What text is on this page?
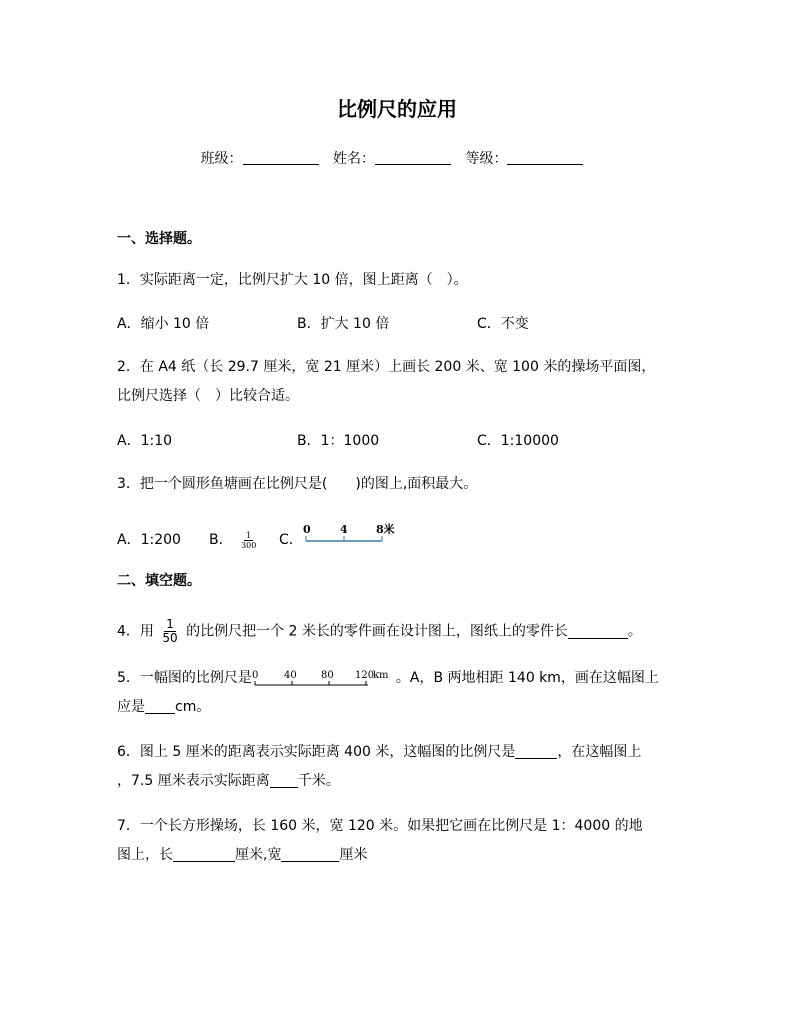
比例尺的应用
班级：	姓名：	等级：
一、选择题。
1．实际距离一定，比例尺扩大 10 倍，图上距离（　）。
A．缩小 10 倍	B．扩大 10 倍	C．不变
2．在 A4 纸（长 29.7 厘米，宽 21 厘米）上画长 200 米、宽 100 米的操场平面图，
比例尺选择（　）比较合适。
A．1:10	B．1：1000	C．1:10000
3．把一个圆形鱼塘画在比例尺是(　　)的图上,面积最大。
A．1:200 B． $\frac{1}{300}$ C．
0	4	8米
二、填空题。
4．用 $\frac{1}{50}$ 的比例尺把一个 2 米长的零件画在设计图上，图纸上的零件长	。
5．一幅图的比例尺是 0	40 80 120
km 。A，B 两地相距 140 km，画在这幅图上
应是 cm。
6．图上 5 厘米的距离表示实际距离 400 米，这幅图的比例尺是	，在这幅图上
，7.5 厘米表示实际距离 千米。
7．一个长方形操场，长 160 米，宽 120 米。如果把它画在比例尺是 1：4000 的地
图上，长	厘米,宽	厘米
